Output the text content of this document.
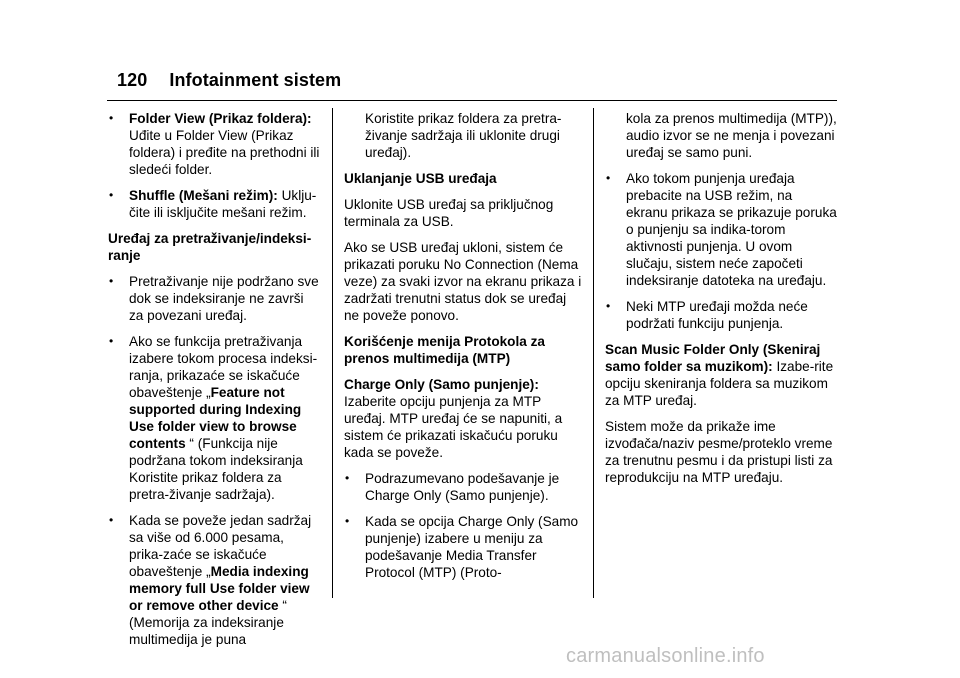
120 Infotainment sistem
• Folder View (Prikaz foldera): Uđite u Folder View (Prikaz foldera) i pređite na prethodni ili sledeći folder.
• Shuffle (Mešani režim): Uklju-čite ili isključite mešani režim.
Uređaj za pretraživanje/indeksi-ranje
• Pretraživanje nije podržano sve dok se indeksiranje ne završi za povezani uređaj.
• Ako se funkcija pretraživanja izabere tokom procesa indeksi-ranja, prikazaće se iskačuće obaveštenje „Feature not supported during Indexing Use folder view to browse contents “ (Funkcija nije podržana tokom indeksiranja Koristite prikaz foldera za pretra-živanje sadržaja).
• Kada se poveže jedan sadržaj sa više od 6.000 pesama, prika-zaće se iskačuće obaveštenje „Media indexing memory full Use folder view or remove other device “ (Memorija za indeksiranje multimedija je puna
Koristite prikaz foldera za pretra-živanje sadržaja ili uklonite drugi uređaj).
Uklanjanje USB uređaja
Uklonite USB uređaj sa priključnog terminala za USB.
Ako se USB uređaj ukloni, sistem će prikazati poruku No Connection (Nema veze) za svaki izvor na ekranu prikaza i zadržati trenutni status dok se uređaj ne poveže ponovo.
Korišćenje menija Protokola za prenos multimedija (MTP)
Charge Only (Samo punjenje): Izaberite opciju punjenja za MTP uređaj. MTP uređaj će se napuniti, a sistem će prikazati iskačuću poruku kada se poveže.
• Podrazumevano podešavanje je Charge Only (Samo punjenje).
• Kada se opcija Charge Only (Samo punjenje) izabere u meniju za podešavanje Media Transfer Protocol (MTP) (Proto-
kola za prenos multimedija (MTP)), audio izvor se ne menja i povezani uređaj se samo puni.
• Ako tokom punjenja uređaja prebacite na USB režim, na ekranu prikaza se prikazuje poruka o punjenju sa indika-torom aktivnosti punjenja. U ovom slučaju, sistem neće započeti indeksiranje datoteka na uređaju.
• Neki MTP uređaji možda neće podržati funkciju punjenja.
Scan Music Folder Only (Skeniraj samo folder sa muzikom): Izabe-rite opciju skeniranja foldera sa muzikom za MTP uređaj.
Sistem može da prikaže ime izvođača/naziv pesme/proteklo vreme za trenutnu pesmu i da pristupi listi za reprodukciju na MTP uređaju.
carmanualsonline.info
